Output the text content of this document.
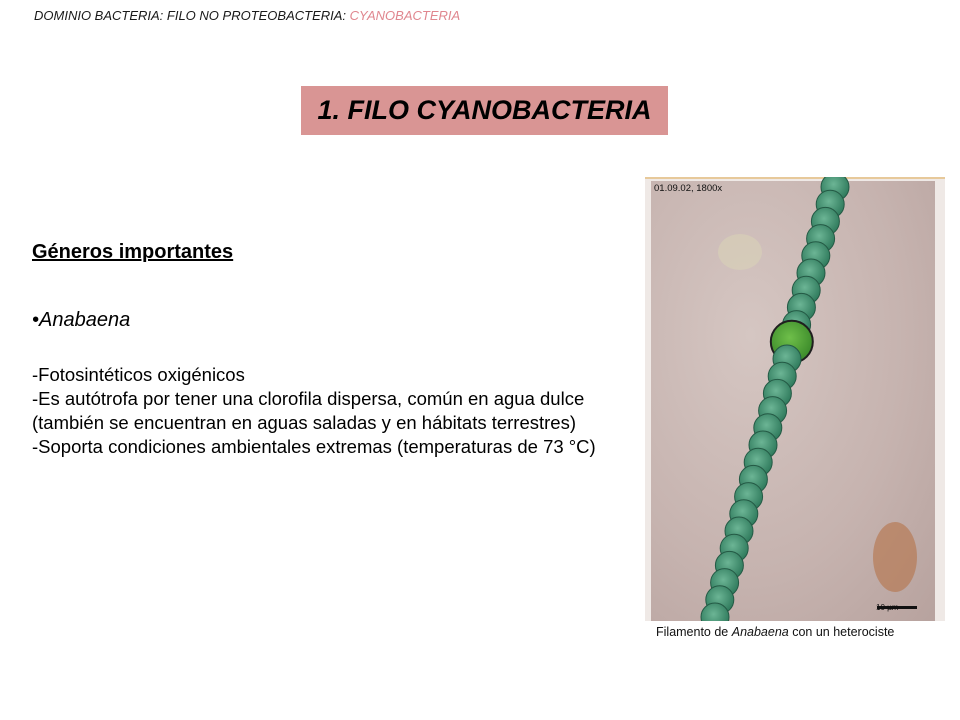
DOMINIO BACTERIA: FILO NO PROTEOBACTERIA: CYANOBACTERIA
1. FILO CYANOBACTERIA

Géneros importantes

•Anabaena

-Fotosintéticos oxigénicos

-Es autótrofa por tener una clorofila dispersa, común en agua dulce (también se encuentran en aguas saladas y en hábitats terrestres)

-Soporta condiciones ambientales extremas (temperaturas de 73 °C)

01.09.02, 1800x
10 µm
Filamento de Anabaena con un heterociste
